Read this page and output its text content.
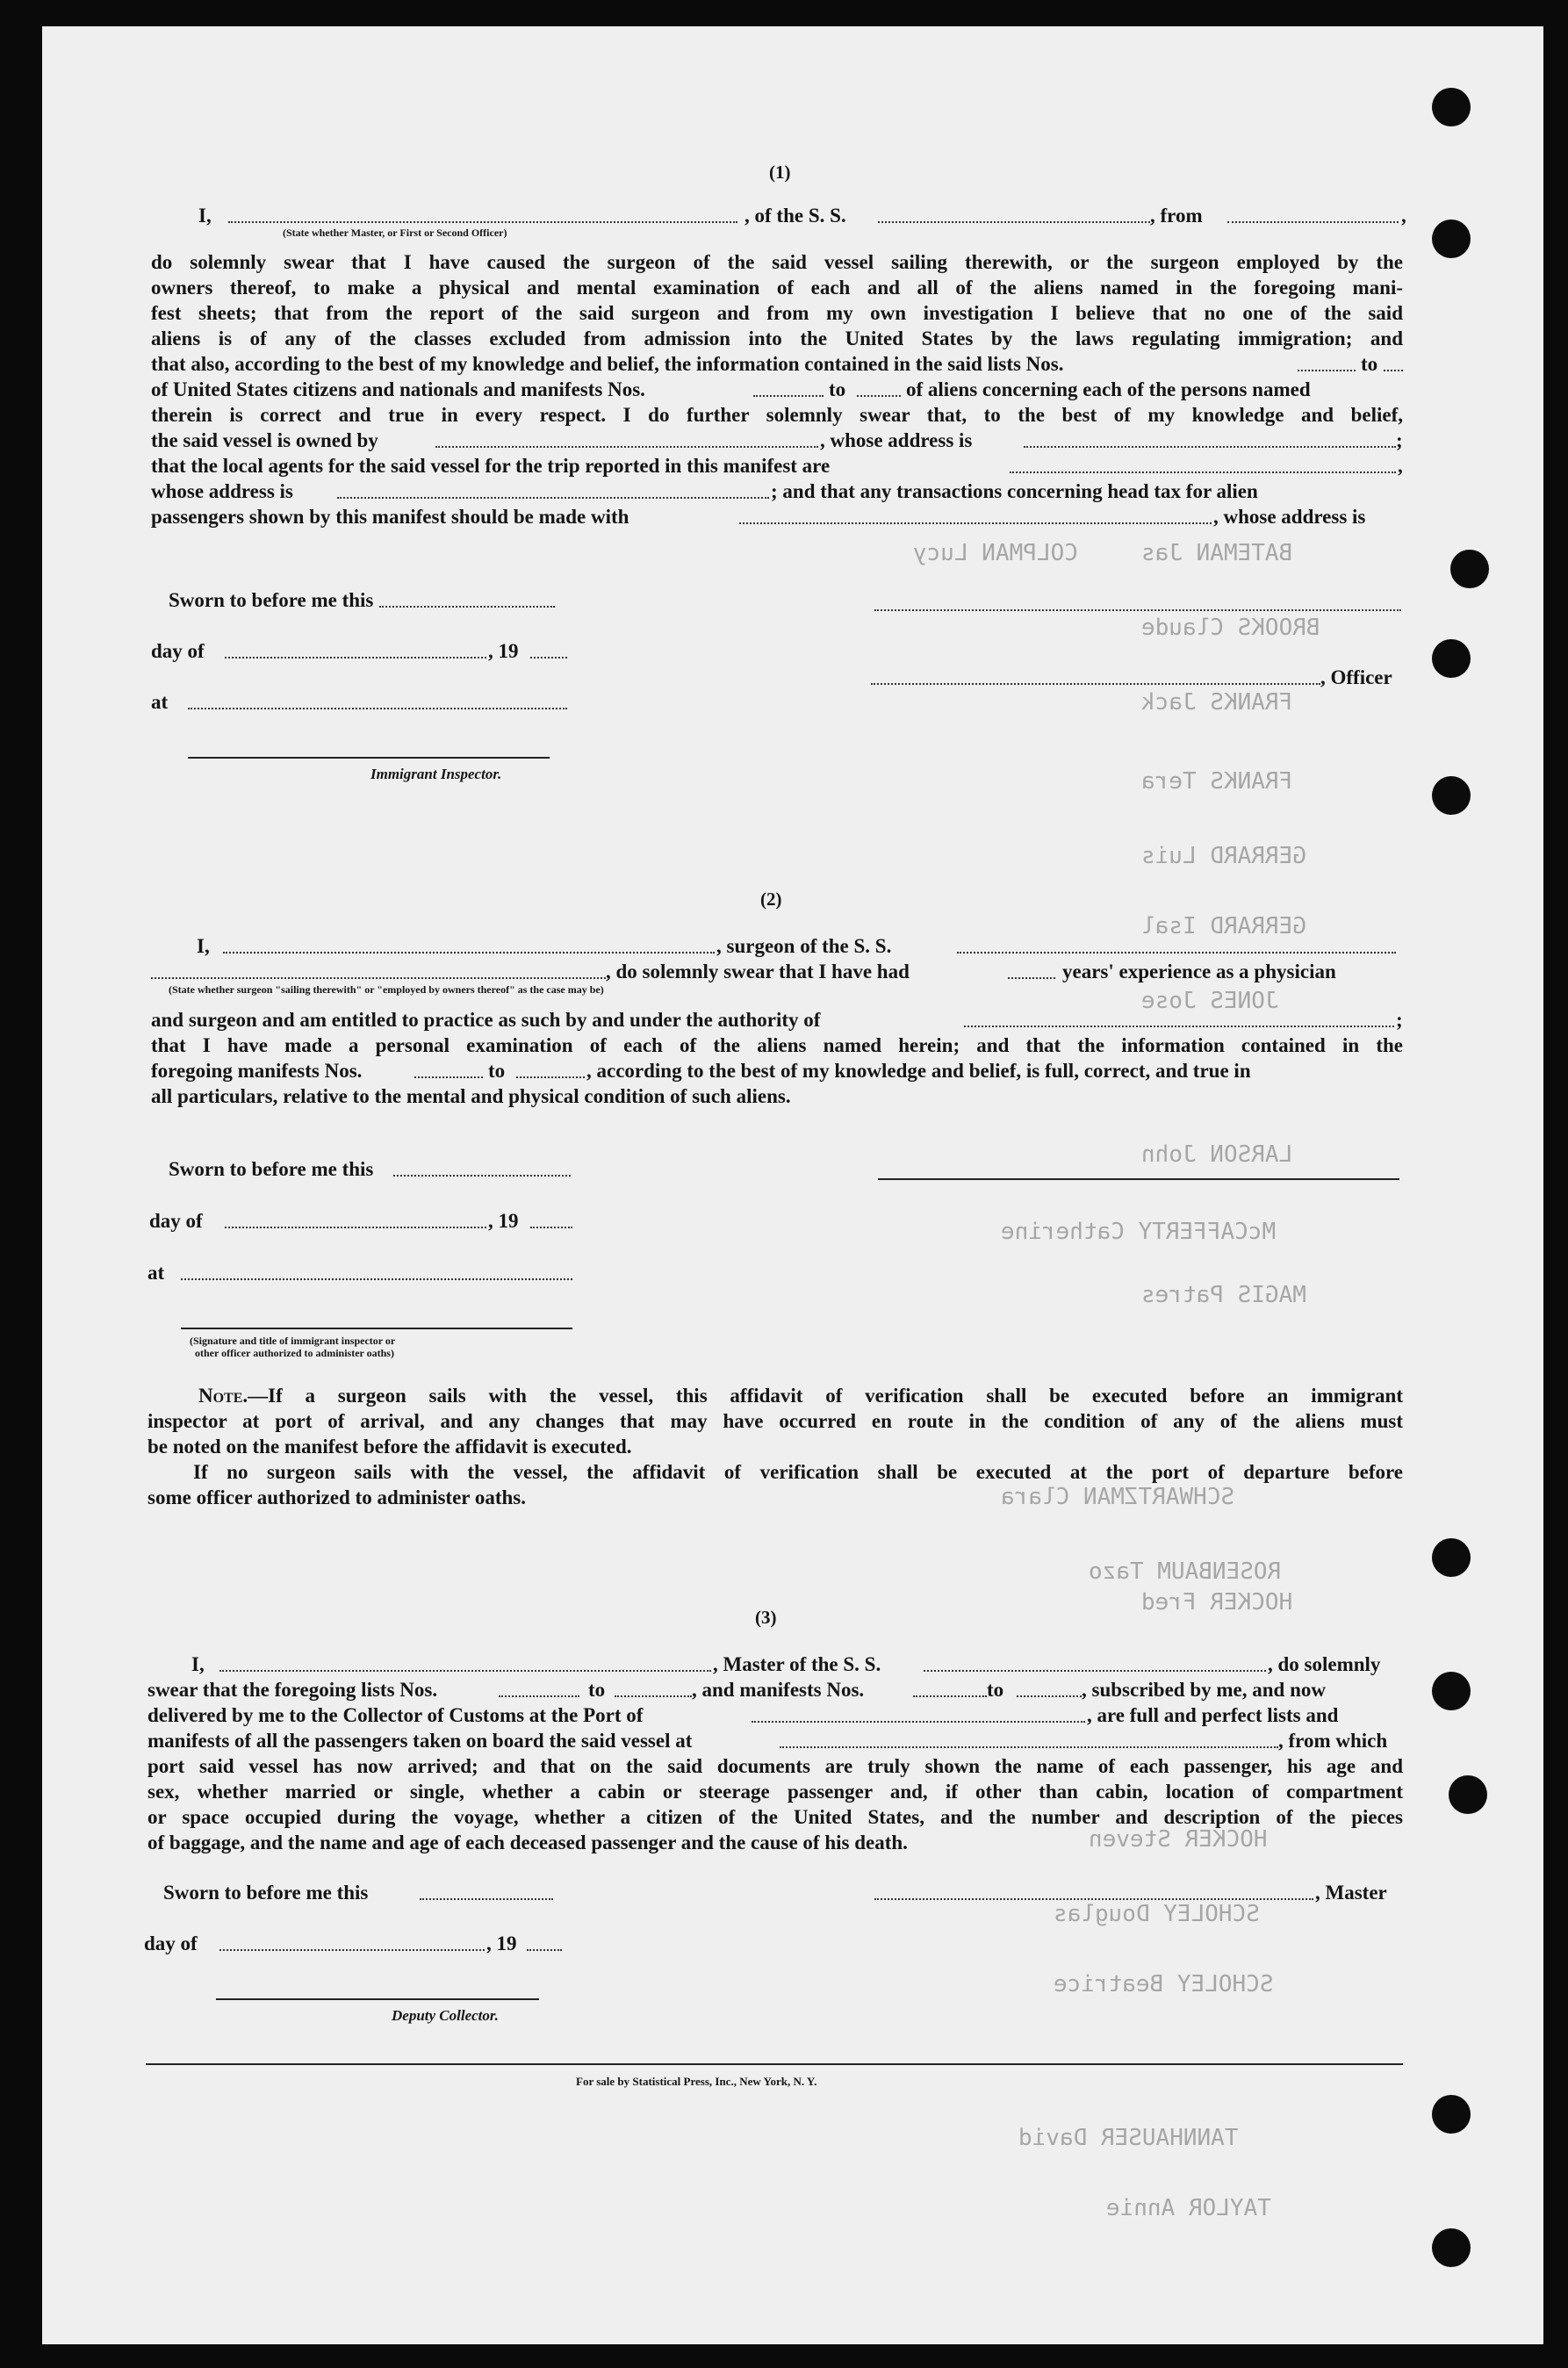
COLPMAN Lucy	BATEMAN Jas
BROOKS Claude
FRANKS Jack
FRANKS Tera
GERRARD Luis
GERRARD Isal
JONES Jose
LARSON John
McCAFFERTY Catherine
MAGIS Patres
SCHWARTZMAN Clara
ROSENBAUM Tazo
HOCKER Fred
HOCKER Steven
SCHOLEY Douglas
SCHOLEY Beatrice
TANNHAUSER David
TAYLOR Annie
(1)
I,	, of the S. S.	, from	,
(State whether Master, or First or Second Officer)
do solemnly swear that I have caused the surgeon of the said vessel sailing therewith, or the surgeon employed by the
owners thereof, to make a physical and mental examination of each and all of the aliens named in the foregoing mani-
fest sheets; that from the report of the said surgeon and from my own investigation I believe that no one of the said
aliens is of any of the classes excluded from admission into the United States by the laws regulating immigration; and
that also, according to the best of my knowledge and belief, the information contained in the said lists Nos.	to
of United States citizens and nationals and manifests Nos.	to	of aliens concerning each of the persons named
therein is correct and true in every respect. I do further solemnly swear that, to the best of my knowledge and belief,
the said vessel is owned by	, whose address is	;
that the local agents for the said vessel for the trip reported in this manifest are	,
whose address is	; and that any transactions concerning head tax for alien
passengers shown by this manifest should be made with	, whose address is
Sworn to before me this
day of	, 19
at
Immigrant Inspector.
, Officer
(2)
I,	, surgeon of the S. S.
, do solemnly swear that I have had	years' experience as a physician
(State whether surgeon "sailing therewith" or "employed by owners thereof" as the case may be)
and surgeon and am entitled to practice as such by and under the authority of	;
that I have made a personal examination of each of the aliens named herein; and that the information contained in the
foregoing manifests Nos.	to	, according to the best of my knowledge and belief, is full, correct, and true in
all particulars, relative to the mental and physical condition of such aliens.
Sworn to before me this
day of	, 19
at
(Signature and title of immigrant inspector or
other officer authorized to administer oaths)
Note.—If a surgeon sails with the vessel, this affidavit of verification shall be executed before an immigrant
inspector at port of arrival, and any changes that may have occurred en route in the condition of any of the aliens must
be noted on the manifest before the affidavit is executed.
If no surgeon sails with the vessel, the affidavit of verification shall be executed at the port of departure before
some officer authorized to administer oaths.
(3)
I,	, Master of the S. S.	, do solemnly
swear that the foregoing lists Nos.	to	, and manifests Nos.	to	, subscribed by me, and now
delivered by me to the Collector of Customs at the Port of	, are full and perfect lists and
manifests of all the passengers taken on board the said vessel at	, from which
port said vessel has now arrived; and that on the said documents are truly shown the name of each passenger, his age and
sex, whether married or single, whether a cabin or steerage passenger and, if other than cabin, location of compartment
or space occupied during the voyage, whether a citizen of the United States, and the number and description of the pieces
of baggage, and the name and age of each deceased passenger and the cause of his death.
Sworn to before me this	, Master
day of	, 19
Deputy Collector.
For sale by Statistical Press, Inc., New York, N. Y.
